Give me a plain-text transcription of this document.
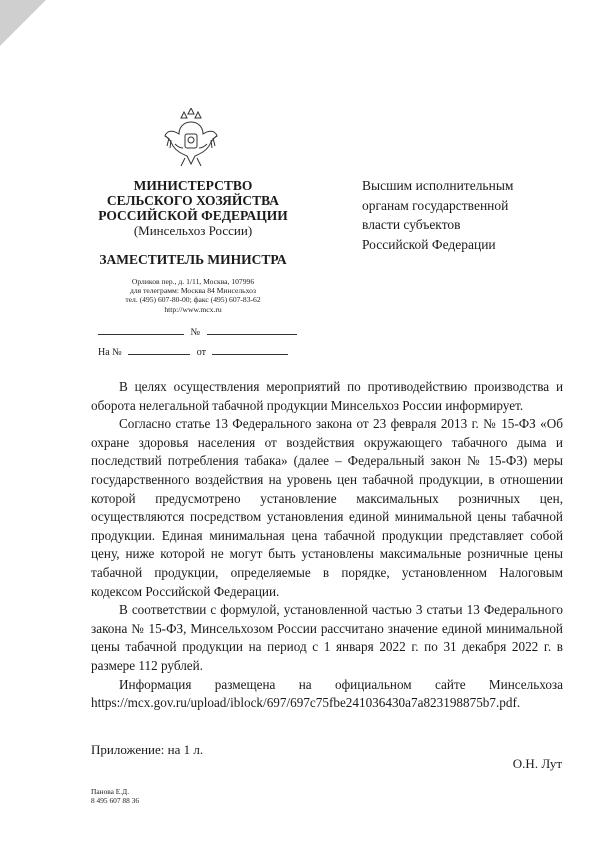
МИНИСТЕРСТВО
СЕЛЬСКОГО ХОЗЯЙСТВА
РОССИЙСКОЙ ФЕДЕРАЦИИ
(Минсельхоз России)
ЗАМЕСТИТЕЛЬ МИНИСТРА
Орликов пер., д. 1/11, Москва, 107996
для телеграмм: Москва 84 Минсельхоз
тел. (495) 607-80-00; факс (495) 607-83-62
http://www.mcx.ru
№
На №	от
Высшим исполнительным
органам государственной
власти субъектов
Российской Федерации

В целях осуществления мероприятий по противодействию производства и оборота нелегальной табачной продукции Минсельхоз России информирует.

Согласно статье 13 Федерального закона от 23 февраля 2013 г. № 15-ФЗ «Об охране здоровья населения от воздействия окружающего табачного дыма и последствий потребления табака» (далее – Федеральный закон № 15-ФЗ) меры государственного воздействия на уровень цен табачной продукции, в отношении которой предусмотрено установление максимальных розничных цен, осуществляются посредством установления единой минимальной цены табачной продукции. Единая минимальная цена табачной продукции представляет собой цену, ниже которой не могут быть установлены максимальные розничные цены табачной продукции, определяемые в порядке, установленном Налоговым кодексом Российской Федерации.

В соответствии с формулой, установленной частью 3 статьи 13 Федерального закона № 15-ФЗ, Минсельхозом России рассчитано значение единой минимальной цены табачной продукции на период с 1 января 2022 г. по 31 декабря 2022 г. в размере 112 рублей.

Информация размещена на официальном сайте Минсельхоза https://mcx.gov.ru/upload/iblock/697/697c75fbe241036430a7a823198875b7.pdf.

Приложение: на 1 л.
О.Н. Лут
Панова Е.Д.
8 495 607 88 36
